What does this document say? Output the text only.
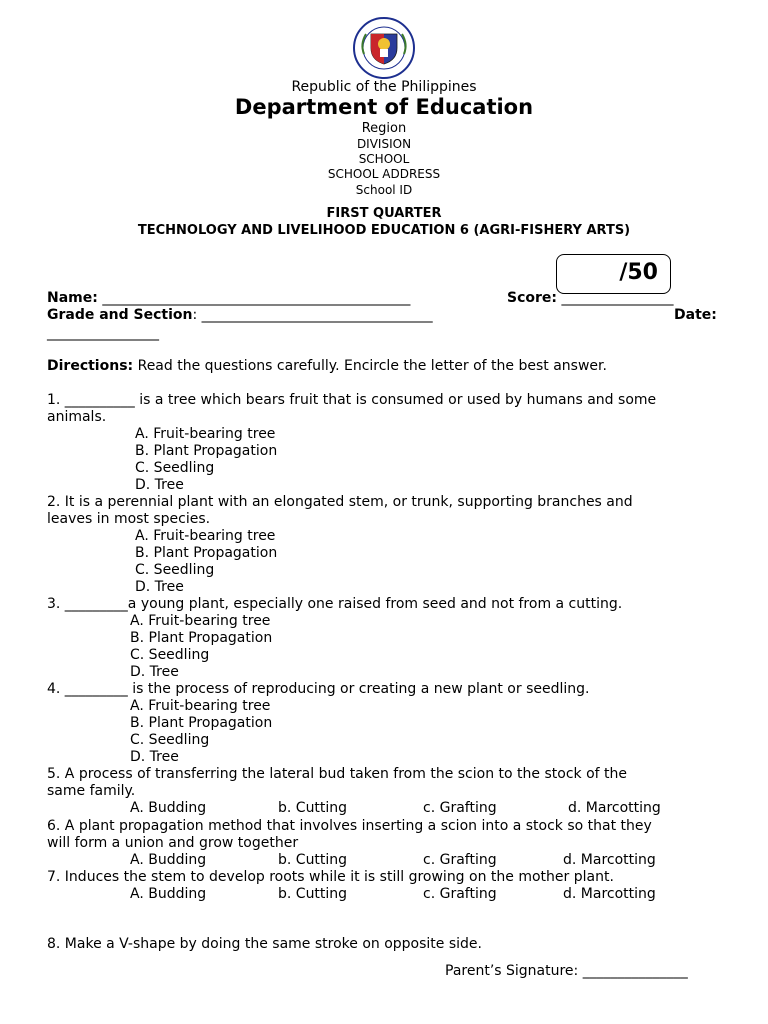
Republic of the Philippines
Department of Education
Region
DIVISION
SCHOOL
SCHOOL ADDRESS
School ID
FIRST QUARTER
TECHNOLOGY AND LIVELIHOOD EDUCATION 6 (AGRI-FISHERY ARTS)
/50
Name: ____________________________________________	Score: ________________
Grade and Section: _________________________________	Date:
________________
Directions: Read the questions carefully. Encircle the letter of the best answer.
1. __________ is a tree which bears fruit that is consumed or used by humans and some
animals.
A. Fruit-bearing tree
B. Plant Propagation
C. Seedling
D. Tree
2. It is a perennial plant with an elongated stem, or trunk, supporting branches and
leaves in most species.
A. Fruit-bearing tree
B. Plant Propagation
C. Seedling
D. Tree
3. _________a young plant, especially one raised from seed and not from a cutting.
A. Fruit-bearing tree
B. Plant Propagation
C. Seedling
D. Tree
4. _________ is the process of reproducing or creating a new plant or seedling.
A. Fruit-bearing tree
B. Plant Propagation
C. Seedling
D. Tree
5. A process of transferring the lateral bud taken from the scion to the stock of the
same family.
A. Budding	b. Cutting	c. Grafting	d. Marcotting
6. A plant propagation method that involves inserting a scion into a stock so that they
will form a union and grow together
A. Budding	b. Cutting	c. Grafting	d. Marcotting
7. Induces the stem to develop roots while it is still growing on the mother plant.
A. Budding	b. Cutting	c. Grafting	d. Marcotting
8. Make a V-shape by doing the same stroke on opposite side.
Parent’s Signature: _______________
